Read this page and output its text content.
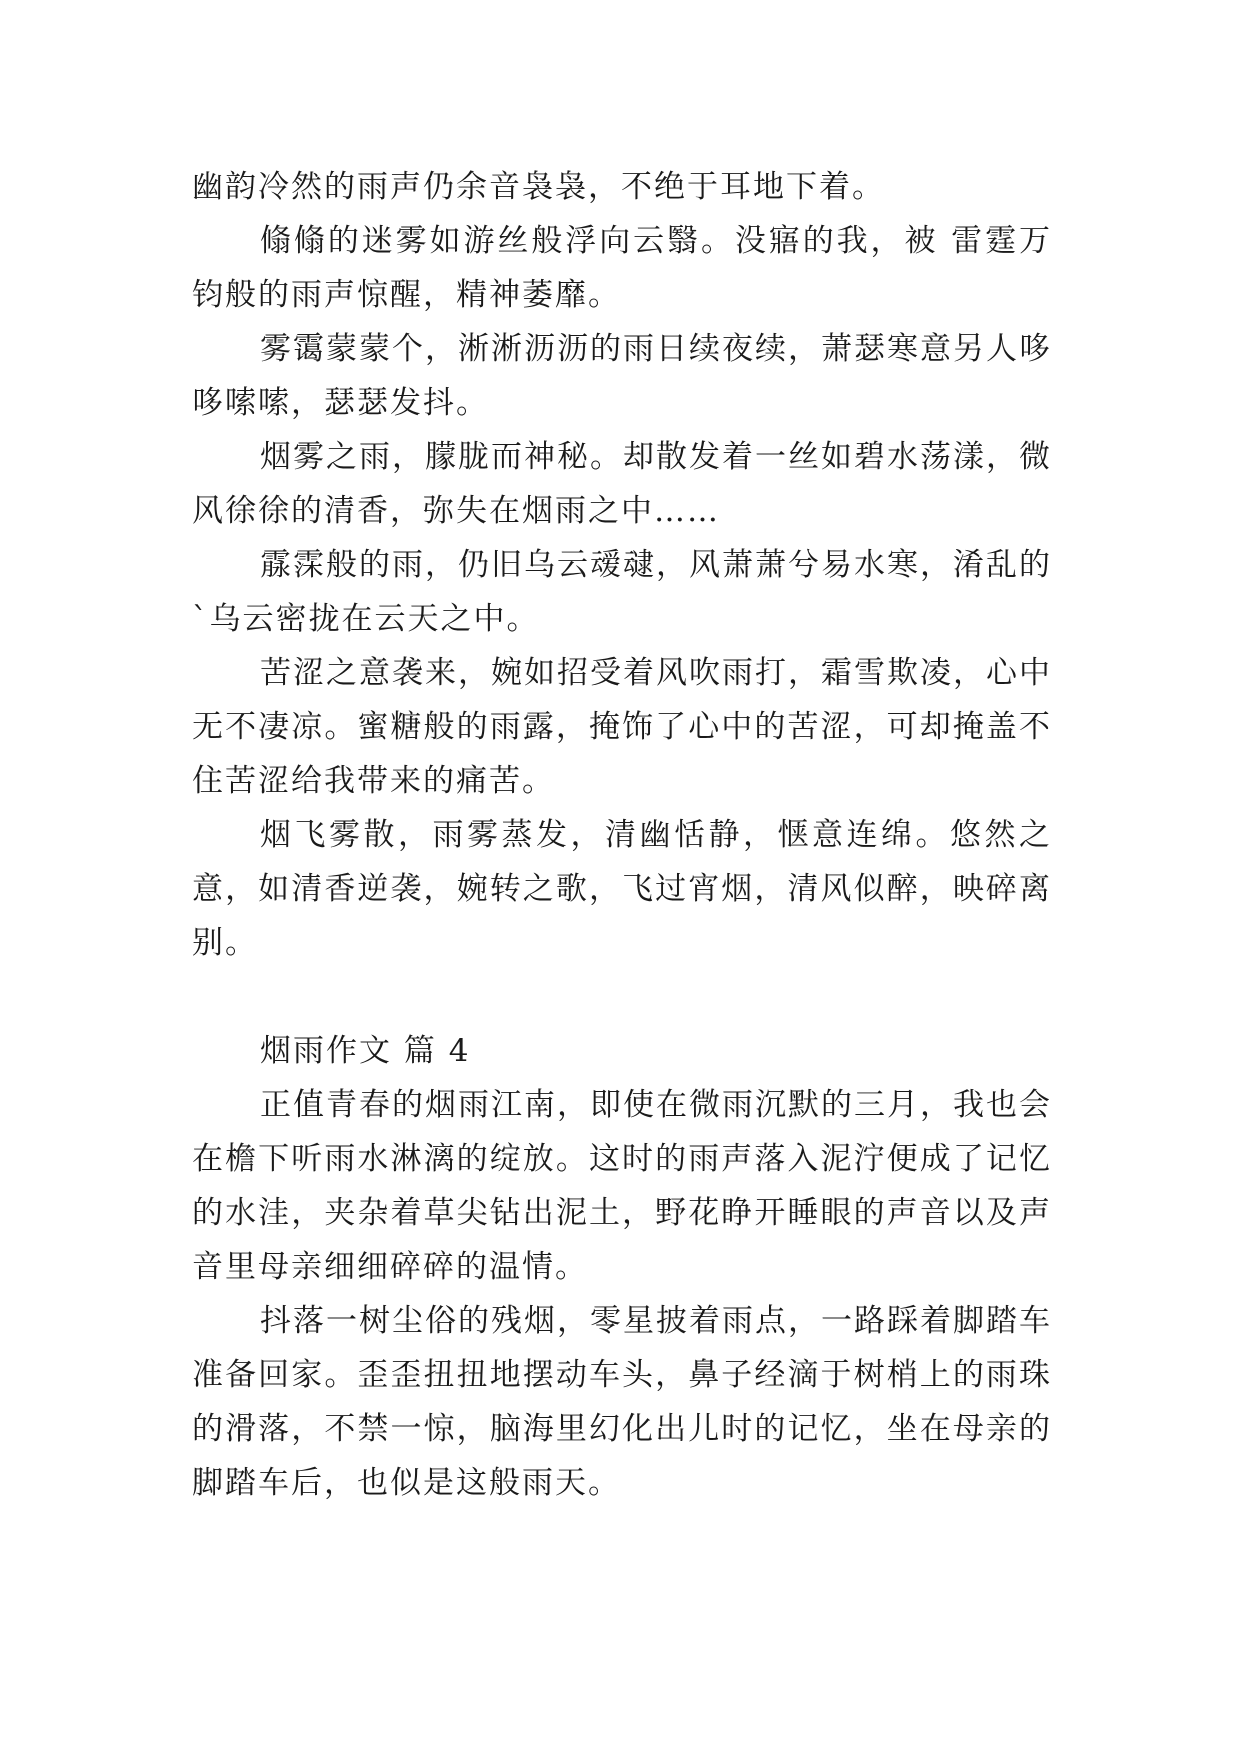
幽韵冷然的雨声仍余音袅袅，不绝于耳地下着。

翛翛的迷雾如游丝般浮向云翳。没寤的我，被 雷霆万钧般的雨声惊醒，精神萎靡。

雾霭蒙蒙个，淅淅沥沥的雨日续夜续，萧瑟寒意另人哆哆嗦嗦，瑟瑟发抖。

烟雾之雨，朦胧而神秘。却散发着一丝如碧水荡漾，微风徐徐的清香，弥失在烟雨之中……

霡霂般的雨，仍旧乌云叆叇，风萧萧兮易水寒，淆乱的`乌云密拢在云天之中。

苦涩之意袭来，婉如招受着风吹雨打，霜雪欺凌，心中无不凄凉。蜜糖般的雨露，掩饰了心中的苦涩，可却掩盖不住苦涩给我带来的痛苦。

烟飞雾散，雨雾蒸发，清幽恬静，惬意连绵。悠然之意，如清香逆袭，婉转之歌，飞过宵烟，清风似醉，映碎离别。

烟雨作文 篇 4

正值青春的烟雨江南，即使在微雨沉默的三月，我也会在檐下听雨水淋漓的绽放。这时的雨声落入泥泞便成了记忆的水洼，夹杂着草尖钻出泥土，野花睁开睡眼的声音以及声音里母亲细细碎碎的温情。

抖落一树尘俗的残烟，零星披着雨点，一路踩着脚踏车准备回家。歪歪扭扭地摆动车头，鼻子经滴于树梢上的雨珠的滑落，不禁一惊，脑海里幻化出儿时的记忆，坐在母亲的脚踏车后，也似是这般雨天。
